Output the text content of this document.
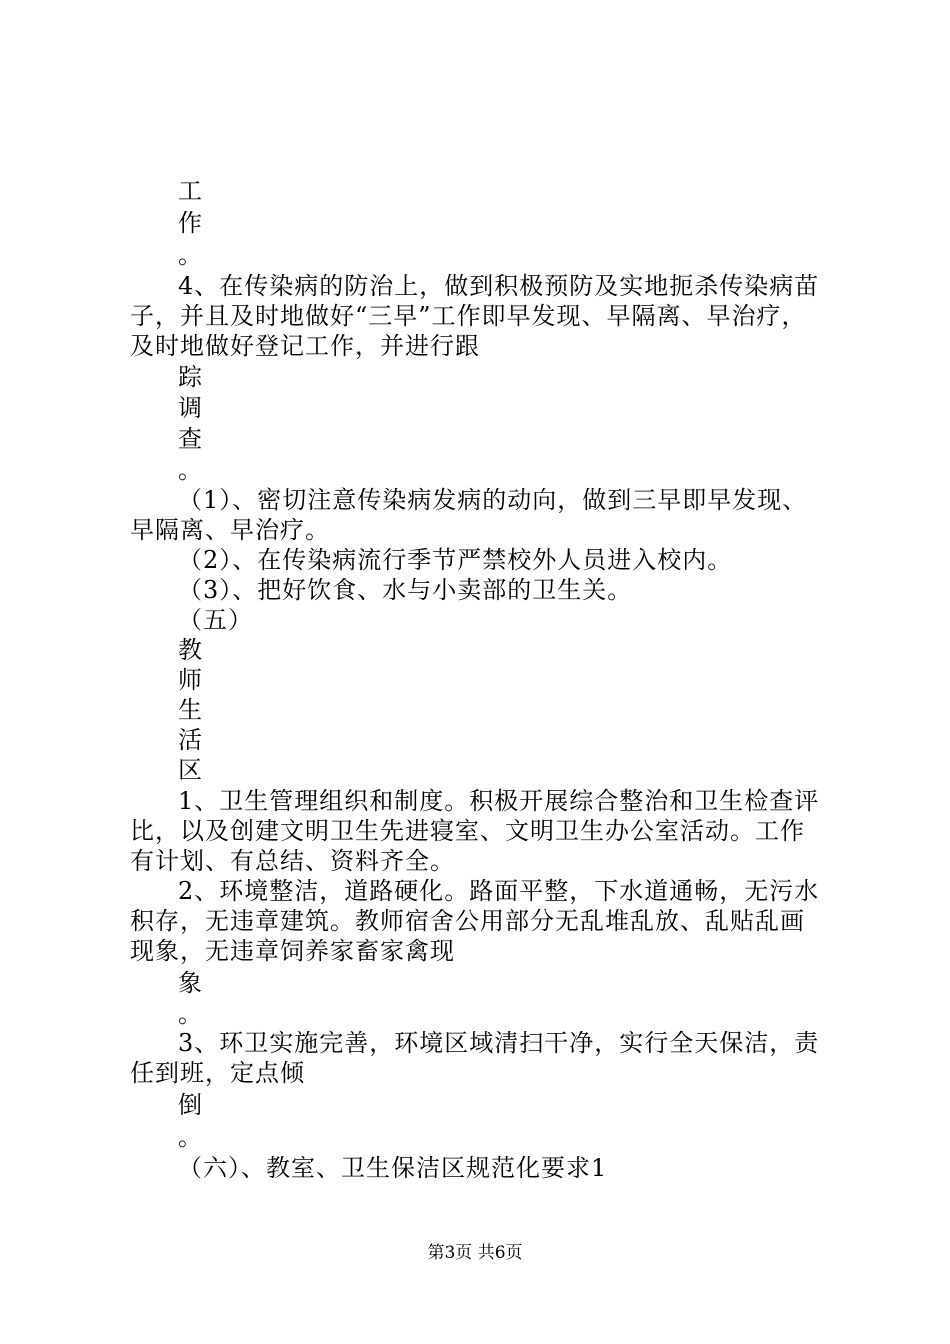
工
作
。
4、在传染病的防治上，做到积极预防及实地扼杀传染病苗
子，并且及时地做好“三早”工作即早发现、早隔离、早治疗，
及时地做好登记工作，并进行跟
踪
调
查
。
（1）、密切注意传染病发病的动向，做到三早即早发现、
早隔离、早治疗。
（2）、在传染病流行季节严禁校外人员进入校内。
（3）、把好饮食、水与小卖部的卫生关。
（五）
教
师
生
活
区
1、卫生管理组织和制度。积极开展综合整治和卫生检查评
比，以及创建文明卫生先进寝室、文明卫生办公室活动。工作
有计划、有总结、资料齐全。
2、环境整洁，道路硬化。路面平整，下水道通畅，无污水
积存，无违章建筑。教师宿舍公用部分无乱堆乱放、乱贴乱画
现象，无违章饲养家畜家禽现
象
。
3、环卫实施完善，环境区域清扫干净，实行全天保洁，责
任到班，定点倾
倒
。
（六）、教室、卫生保洁区规范化要求1
第3页 共6页
